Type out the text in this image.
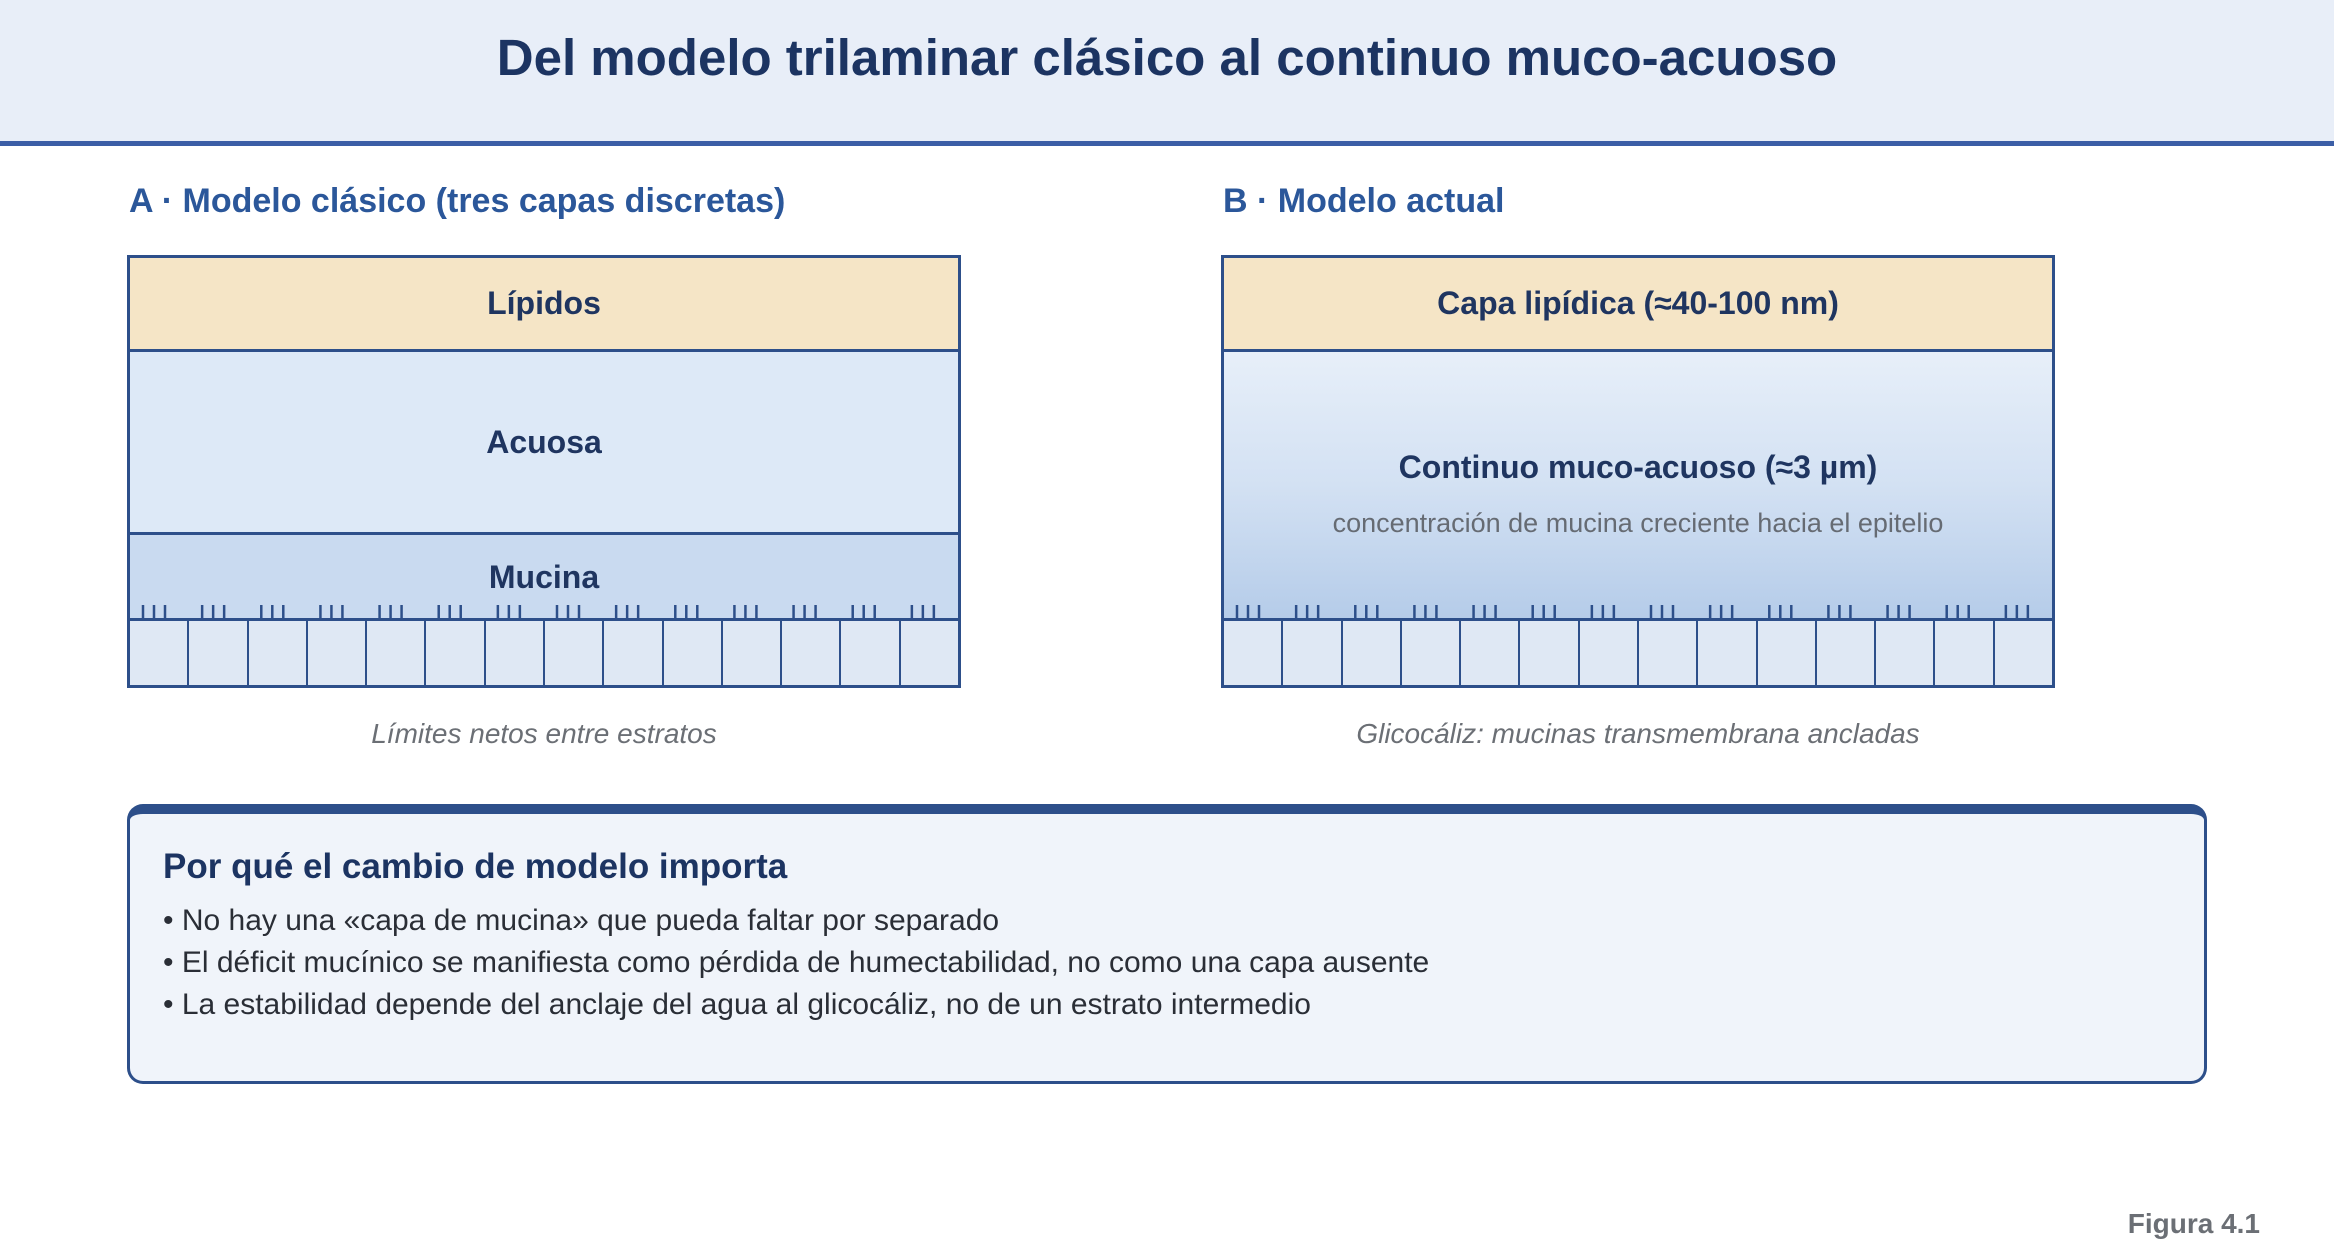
Del modelo trilaminar clásico al continuo muco-acuoso
A · Modelo clásico (tres capas discretas)
Lípidos
Acuosa
Mucina
Límites netos entre estratos
B · Modelo actual
Capa lipídica (≈40-100 nm)
Continuo muco-acuoso (≈3 µm)
concentración de mucina creciente hacia el epitelio
Glicocáliz: mucinas transmembrana ancladas
Por qué el cambio de modelo importa
• No hay una «capa de mucina» que pueda faltar por separado
• El déficit mucínico se manifiesta como pérdida de humectabilidad, no como una capa ausente
• La estabilidad depende del anclaje del agua al glicocáliz, no de un estrato intermedio
Figura 4.1
